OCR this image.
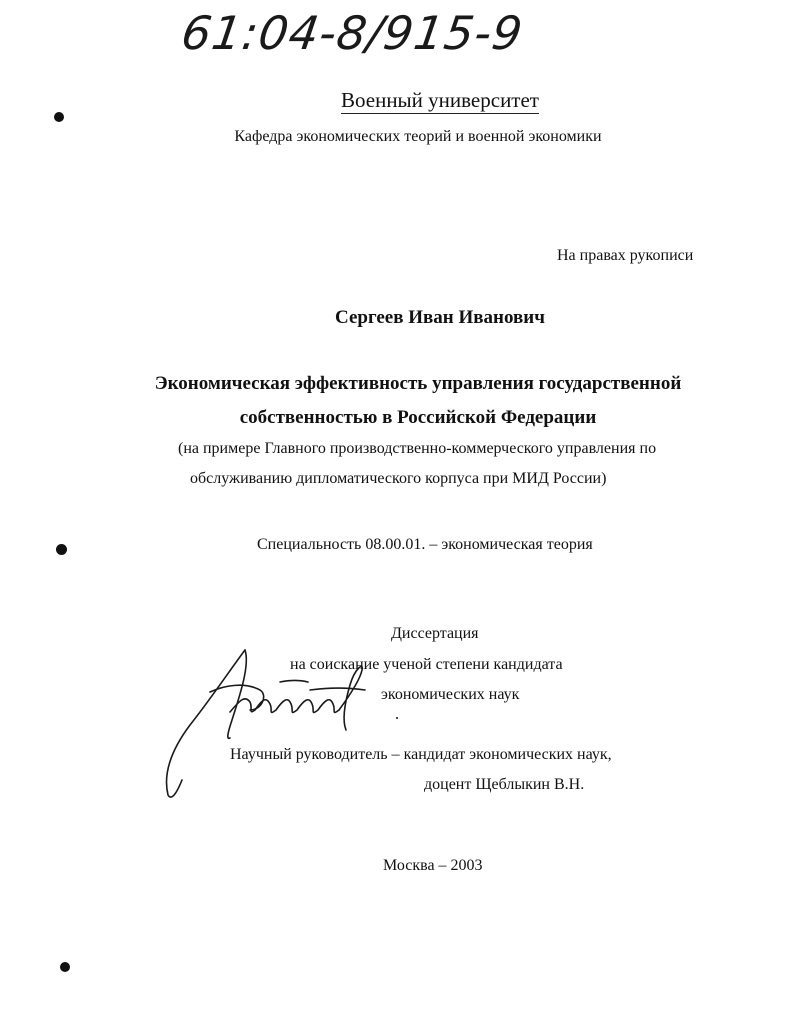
61:04-8/915-9
Военный университет
Кафедра экономических теорий и военной экономики
На правах рукописи
Сергеев Иван Иванович
Экономическая эффективность управления государственной
собственностью в Российской Федерации
(на примере Главного производственно-коммерческого управления по
обслуживанию дипломатического корпуса при МИД России)
Специальность 08.00.01. – экономическая теория
Диссертация
на соискание ученой степени кандидата
экономических наук
Научный руководитель – кандидат экономических наук,
доцент Щеблыкин В.Н.
Москва – 2003
